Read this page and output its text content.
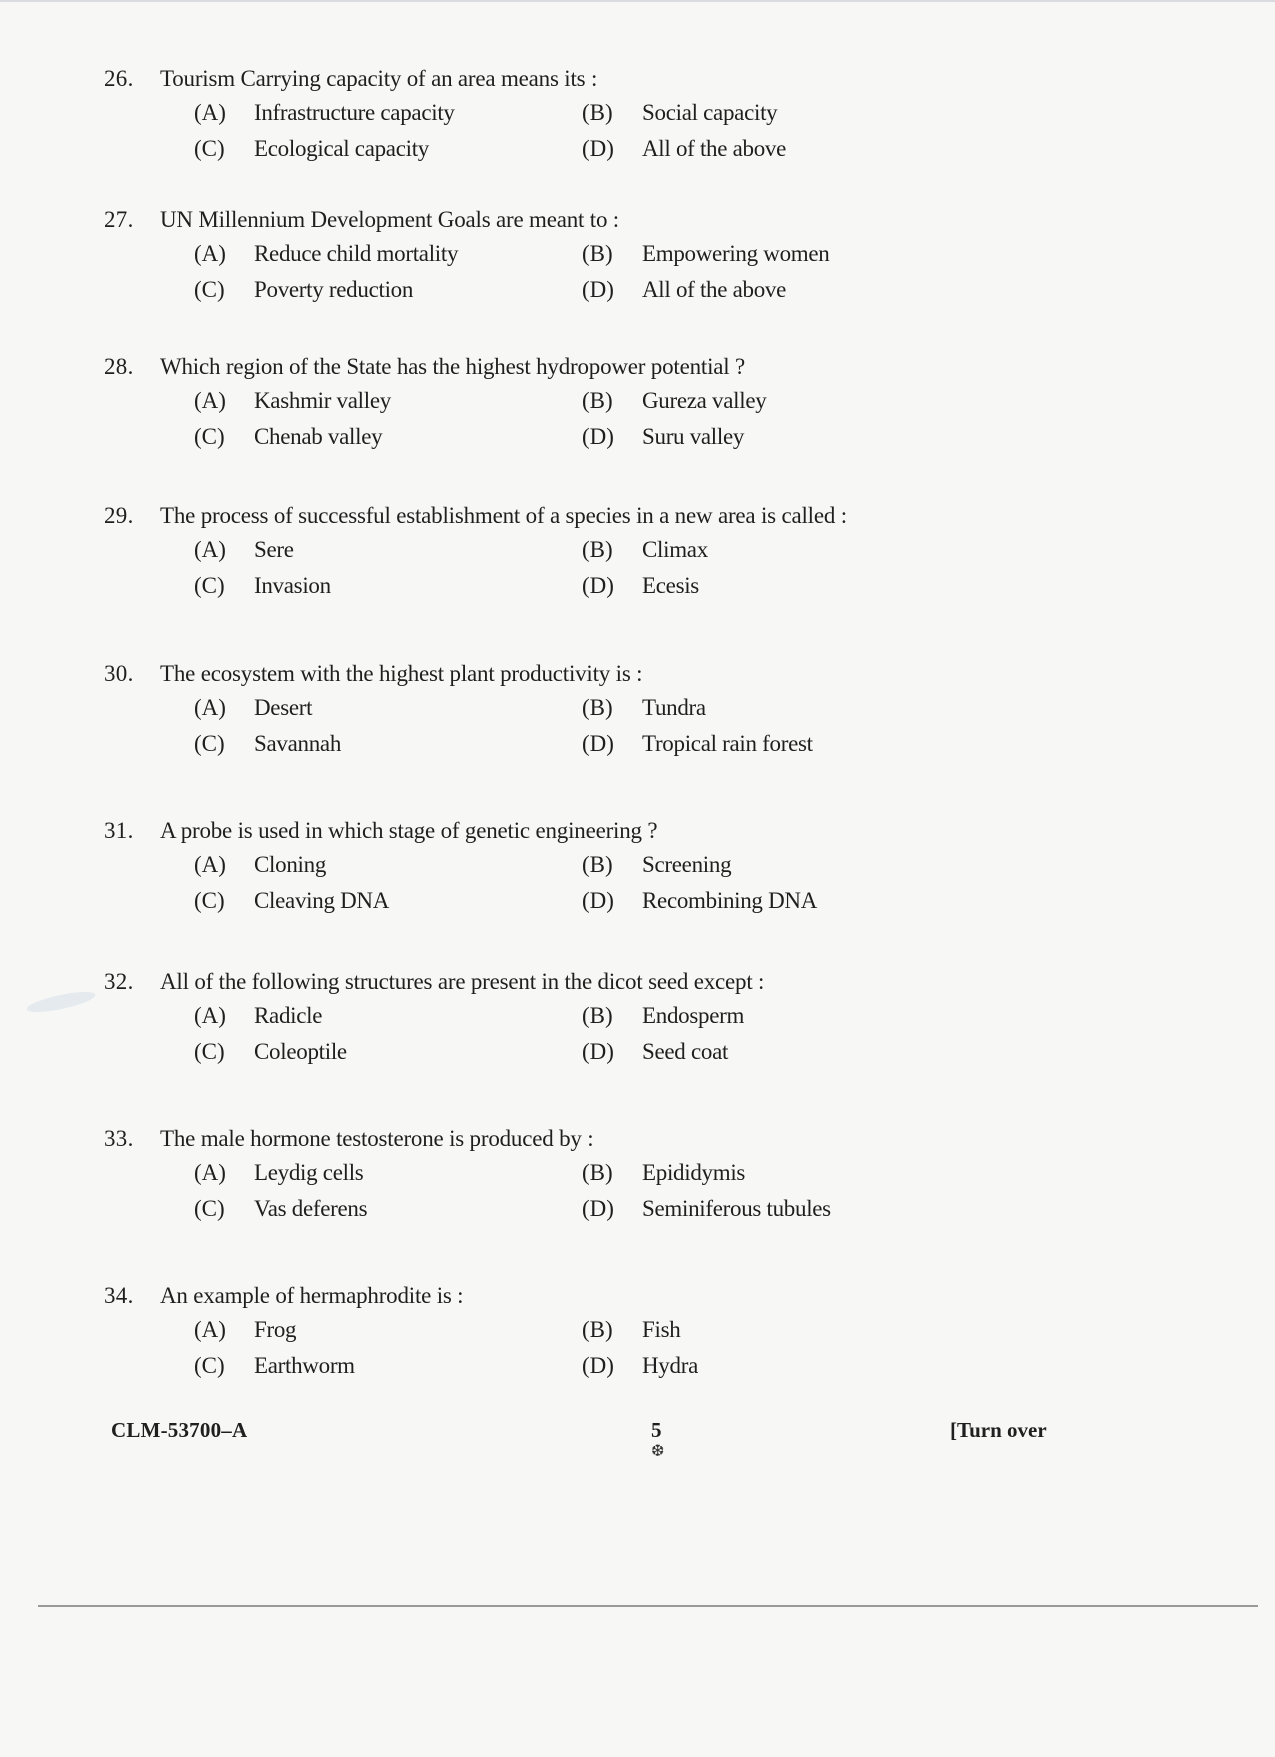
26. Tourism Carrying capacity of an area means its :
(A) Infrastructure capacity	(B) Social capacity
(C) Ecological capacity	(D) All of the above
27. UN Millennium Development Goals are meant to :
(A) Reduce child mortality	(B) Empowering women
(C) Poverty reduction	(D) All of the above
28. Which region of the State has the highest hydropower potential ?
(A) Kashmir valley	(B) Gureza valley
(C) Chenab valley	(D) Suru valley
29. The process of successful establishment of a species in a new area is called :
(A) Sere	(B) Climax
(C) Invasion	(D) Ecesis
30. The ecosystem with the highest plant productivity is :
(A) Desert	(B) Tundra
(C) Savannah	(D) Tropical rain forest
31. A probe is used in which stage of genetic engineering ?
(A) Cloning	(B) Screening
(C) Cleaving DNA	(D) Recombining DNA
32. All of the following structures are present in the dicot seed except :
(A) Radicle	(B) Endosperm
(C) Coleoptile	(D) Seed coat
33. The male hormone testosterone is produced by :
(A) Leydig cells	(B) Epididymis
(C) Vas deferens	(D) Seminiferous tubules
34. An example of hermaphrodite is :
(A) Frog	(B) Fish
(C) Earthworm	(D) Hydra
CLM-53700–A	5
❆
[Turn over
